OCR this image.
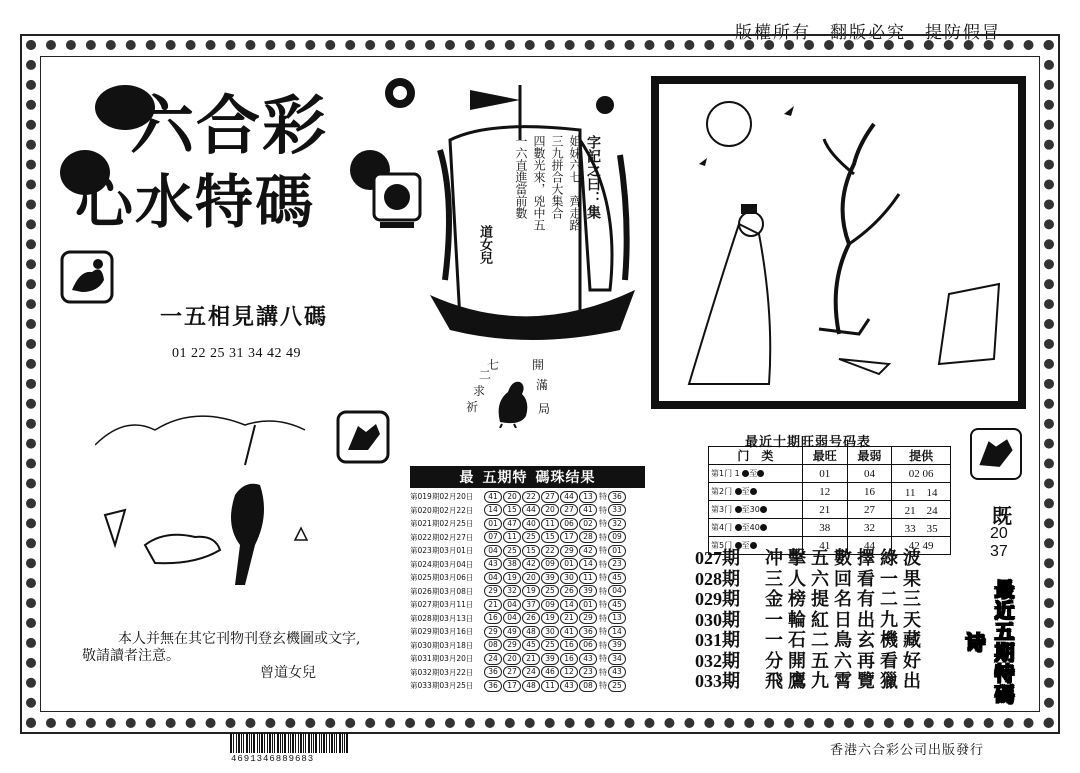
版權所有　翻版必究　提防假冒
六合彩
心水特碼	字記之曰：集
姐妹六七，齊走路
三九拼合大集合
四數光來，兇中五
一六直進當前數
道女兒
一五相見講八碼
01 22 25 31 34 42 49
開
滿
局
七
二
求
祈
本人并無在其它刊物刊登玄機圖或文字,
敬請讀者注意。
曾道女兒
最 五期特 碼珠结果
第019期02月20日	41	20	22	27	44	13 特 36
第020期02月22日	14	15	44	20	27	41 特 33
第021期02月25日	01	47	40	11	06	02 特 32
第022期02月27日	07	11	25	15	17	28 特 09
第023期03月01日	04	25	15	22	29	42 特 01
第024期03月04日	43	38	42	09	01	14 特 23
第025期03月06日	04	19	20	39	30	11 特 45
第026期03月08日	29	32	19	25	26	39 特 04
第027期03月11日	21	04	37	09	14	01 特 45
第028期03月13日	16	04	26	19	21	29 特 13
第029期03月16日	29	49	48	30	41	36 特 14
第030期03月18日	08	29	45	25	16	06 特 39
第031期03月20日	24	20	21	39	16	43 特 34
第032期03月22日	36	27	24	46	12	23 特 43
第033期03月25日	36	17	48	11	43	08 特 25
最近十期旺弱号码表
门　类	最旺	最弱	提供
第1门 1 至	01	04	02 06
第2门 至	12	16	11　14
第3门 至30	21	27	21　24
第4门 至40	38	32	33　35
第5门 至	41	44	42 49
027期	冲擊五數擇綠波
028期	三人六回看一果
029期	金榜提名有二三
030期	一輪紅日出九天
031期	一石二鳥玄機藏
032期	分開五六再看好
033期	飛鷹九霄覽獵出
既
20
37
最近五期特碼诗
4691346889683
香港六合彩公司出版發行
